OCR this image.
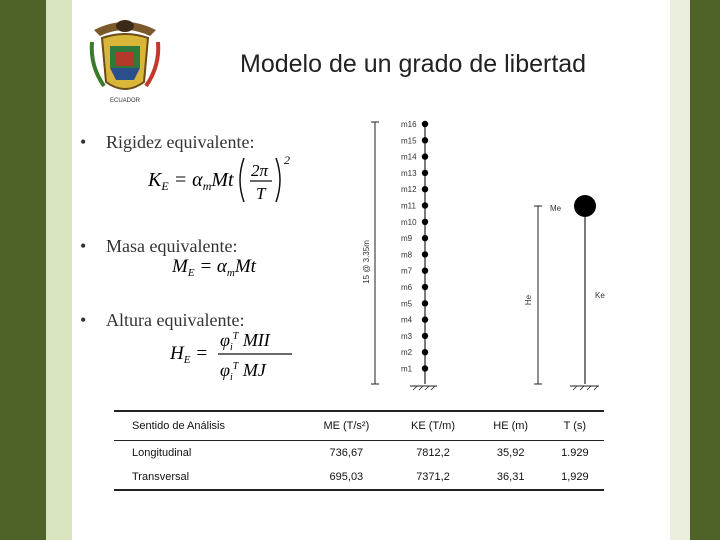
ECUADOR
Modelo de un grado de libertad
• Rigidez equivalente:
$K_E = \alpha_mMt$ 2π
T
2
• Masa equivalente:
$M_E = \alpha_mMt$
• Altura equivalente:
$H_E$ =
$\varphi_i^T$ MII
$\varphi_i^T$ MJ
15 @ 3.35m
m16
m15
m14
m13
m12
m11
m10
m9
m8
m7
m6
m5
m4
m3
m2
m1
He
Me
Ke
Sentido de Análisis	ME (T/s²)	KE (T/m)	HE (m)	T (s)
Longitudinal	736,67	7812,2	35,92	1.929
Transversal	695,03	7371,2	36,31	1,929
